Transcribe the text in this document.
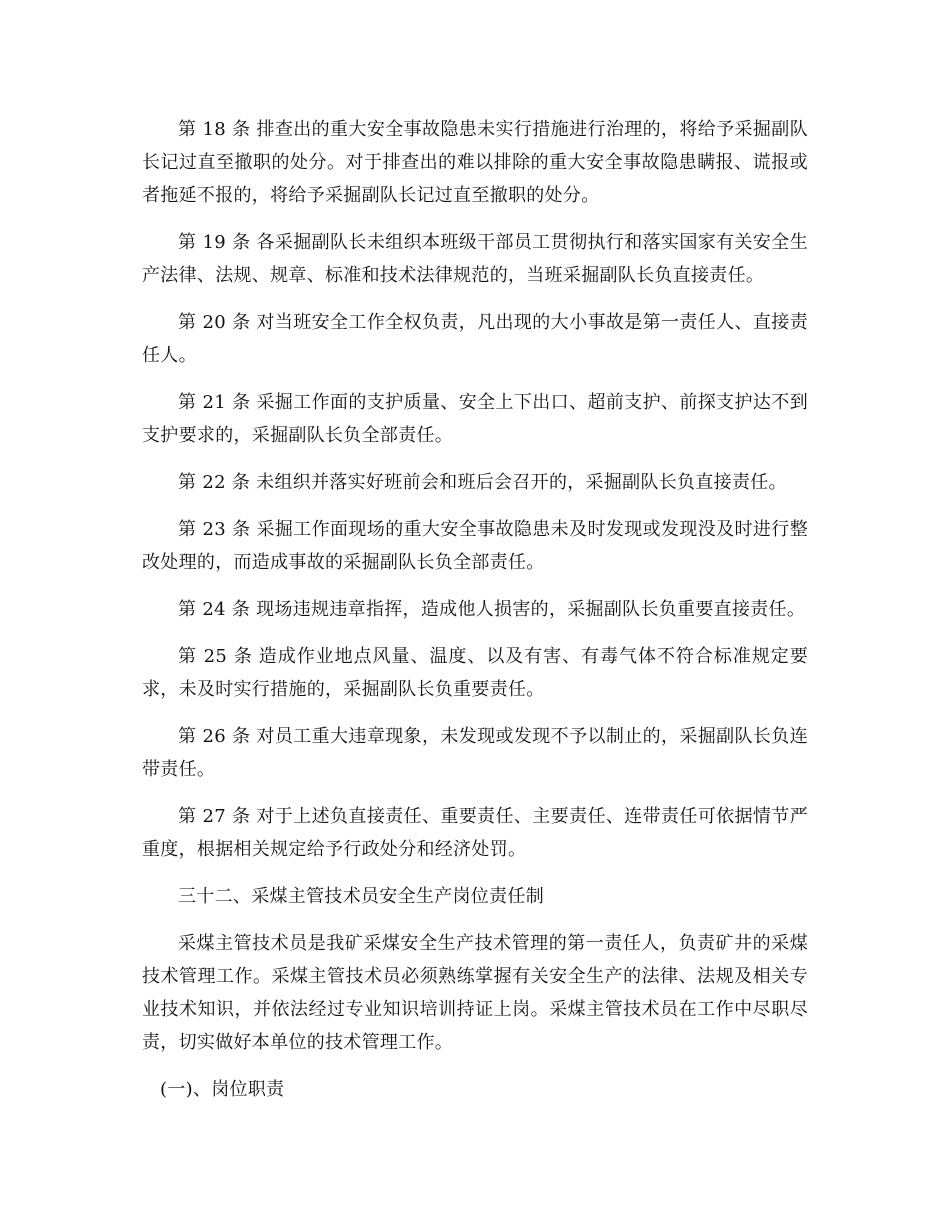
第 18 条 排查出的重大安全事故隐患未实行措施进行治理的，将给予采掘副队长记过直至撤职的处分。对于排查出的难以排除的重大安全事故隐患瞒报、谎报或者拖延不报的，将给予采掘副队长记过直至撤职的处分。

第 19 条 各采掘副队长未组织本班级干部员工贯彻执行和落实国家有关安全生产法律、法规、规章、标准和技术法律规范的，当班采掘副队长负直接责任。

第 20 条 对当班安全工作全权负责，凡出现的大小事故是第一责任人、直接责任人。

第 21 条 采掘工作面的支护质量、安全上下出口、超前支护、前探支护达不到支护要求的，采掘副队长负全部责任。

第 22 条 未组织并落实好班前会和班后会召开的，采掘副队长负直接责任。

第 23 条 采掘工作面现场的重大安全事故隐患未及时发现或发现没及时进行整改处理的，而造成事故的采掘副队长负全部责任。

第 24 条 现场违规违章指挥，造成他人损害的，采掘副队长负重要直接责任。

第 25 条 造成作业地点风量、温度、以及有害、有毒气体不符合标准规定要求，未及时实行措施的，采掘副队长负重要责任。

第 26 条 对员工重大违章现象，未发现或发现不予以制止的，采掘副队长负连带责任。

第 27 条 对于上述负直接责任、重要责任、主要责任、连带责任可依据情节严重度，根据相关规定给予行政处分和经济处罚。

三十二、采煤主管技术员安全生产岗位责任制

采煤主管技术员是我矿采煤安全生产技术管理的第一责任人，负责矿井的采煤技术管理工作。采煤主管技术员必须熟练掌握有关安全生产的法律、法规及相关专业技术知识，并依法经过专业知识培训持证上岗。采煤主管技术员在工作中尽职尽责，切实做好本单位的技术管理工作。

(一)、岗位职责
